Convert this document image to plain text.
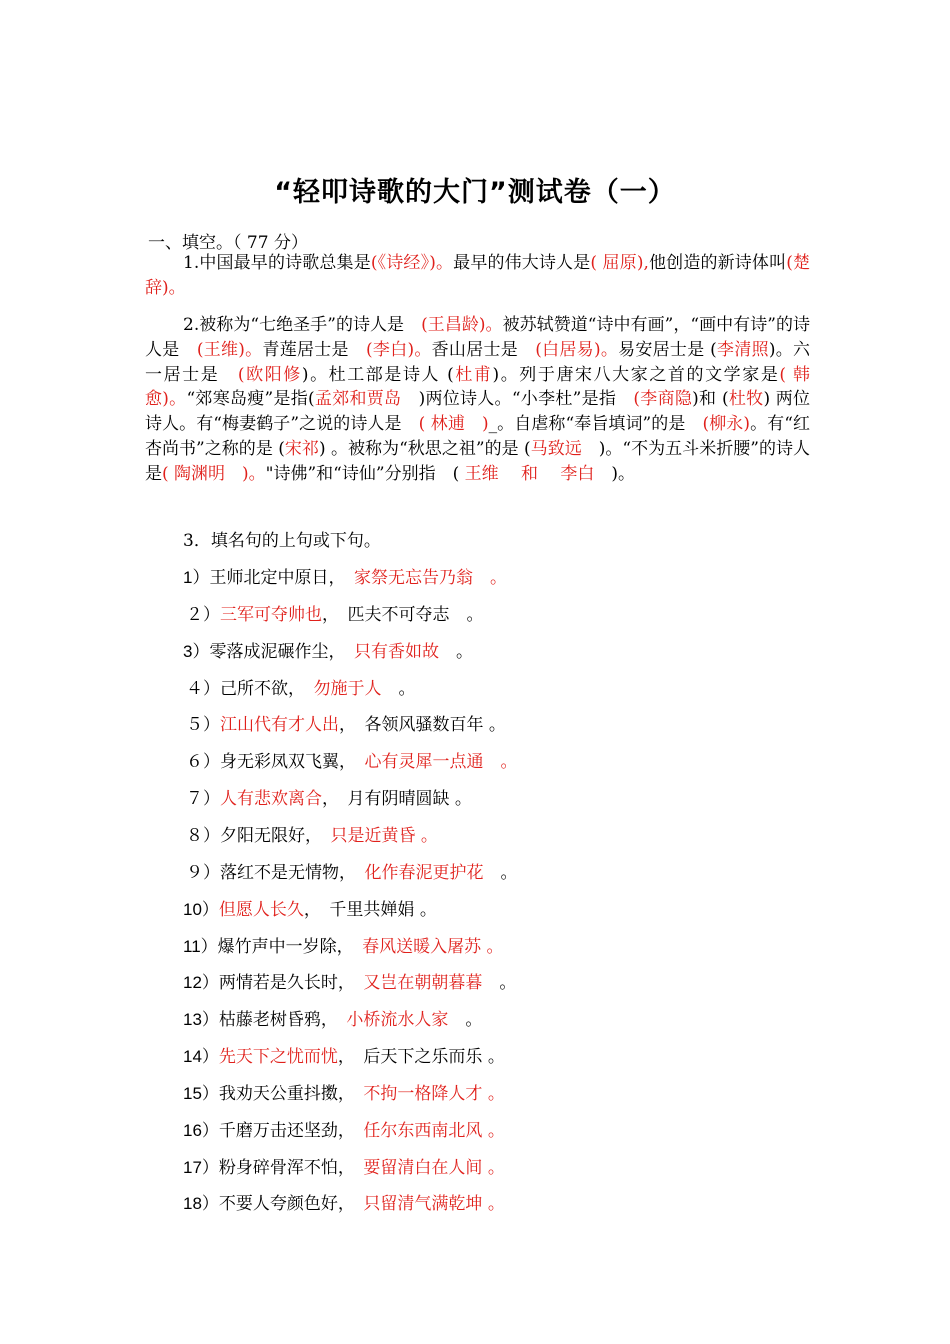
“轻叩诗歌的大门”测试卷（一）
一、填空。（ 77 分）
1.中国最早的诗歌总集是(《诗经》)。最早的伟大诗人是( 屈原),他创造的新诗体叫(楚辞)。
2.被称为“七绝圣手”的诗人是　(王昌龄)。被苏轼赞道“诗中有画”，“画中有诗”的诗人是　(王维)。青莲居士是　(李白)。香山居士是　(白居易)。易安居士是 (李清照)。六一居士是　(欧阳修)。杜工部是诗人 (杜甫)。列于唐宋八大家之首的文学家是( 韩愈)。“郊寒岛瘦”是指(孟郊和贾岛　)两位诗人。“小李杜”是指　(李商隐)和 (杜牧) 两位诗人。有“梅妻鹤子”之说的诗人是　( 林逋　)_。自虐称“奉旨填词”的是　(柳永)。有“红杏尚书”之称的是 (宋祁) 。被称为“秋思之祖”的是 (马致远　)。“不为五斗米折腰”的诗人是( 陶渊明　)。"诗佛”和“诗仙”分别指　( 王维　 和　 李白　)。
3．填名句的上句或下句。
1）王师北定中原日，　家祭无忘告乃翁　。
２）三军可夺帅也，　匹夫不可夺志　。
3）零落成泥碾作尘，　只有香如故　。
４）己所不欲，　勿施于人　。
５）江山代有才人出，　各领风骚数百年 。
６）身无彩凤双飞翼，　心有灵犀一点通　。
７）人有悲欢离合，　月有阴晴圆缺 。
８）夕阳无限好，　只是近黄昏 。
９）落红不是无情物，　化作春泥更护花　。
10）但愿人长久，　千里共婵娟 。
11）爆竹声中一岁除，　春风送暖入屠苏 。
12）两情若是久长时，　又岂在朝朝暮暮　。
13）枯藤老树昏鸦，　小桥流水人家　。
14）先天下之忧而忧，　后天下之乐而乐 。
15）我劝天公重抖擞，　不拘一格降人才 。
16）千磨万击还坚劲，　任尔东西南北风 。
17）粉身碎骨浑不怕，　要留清白在人间 。
18）不要人夸颜色好，　只留清气满乾坤 。
